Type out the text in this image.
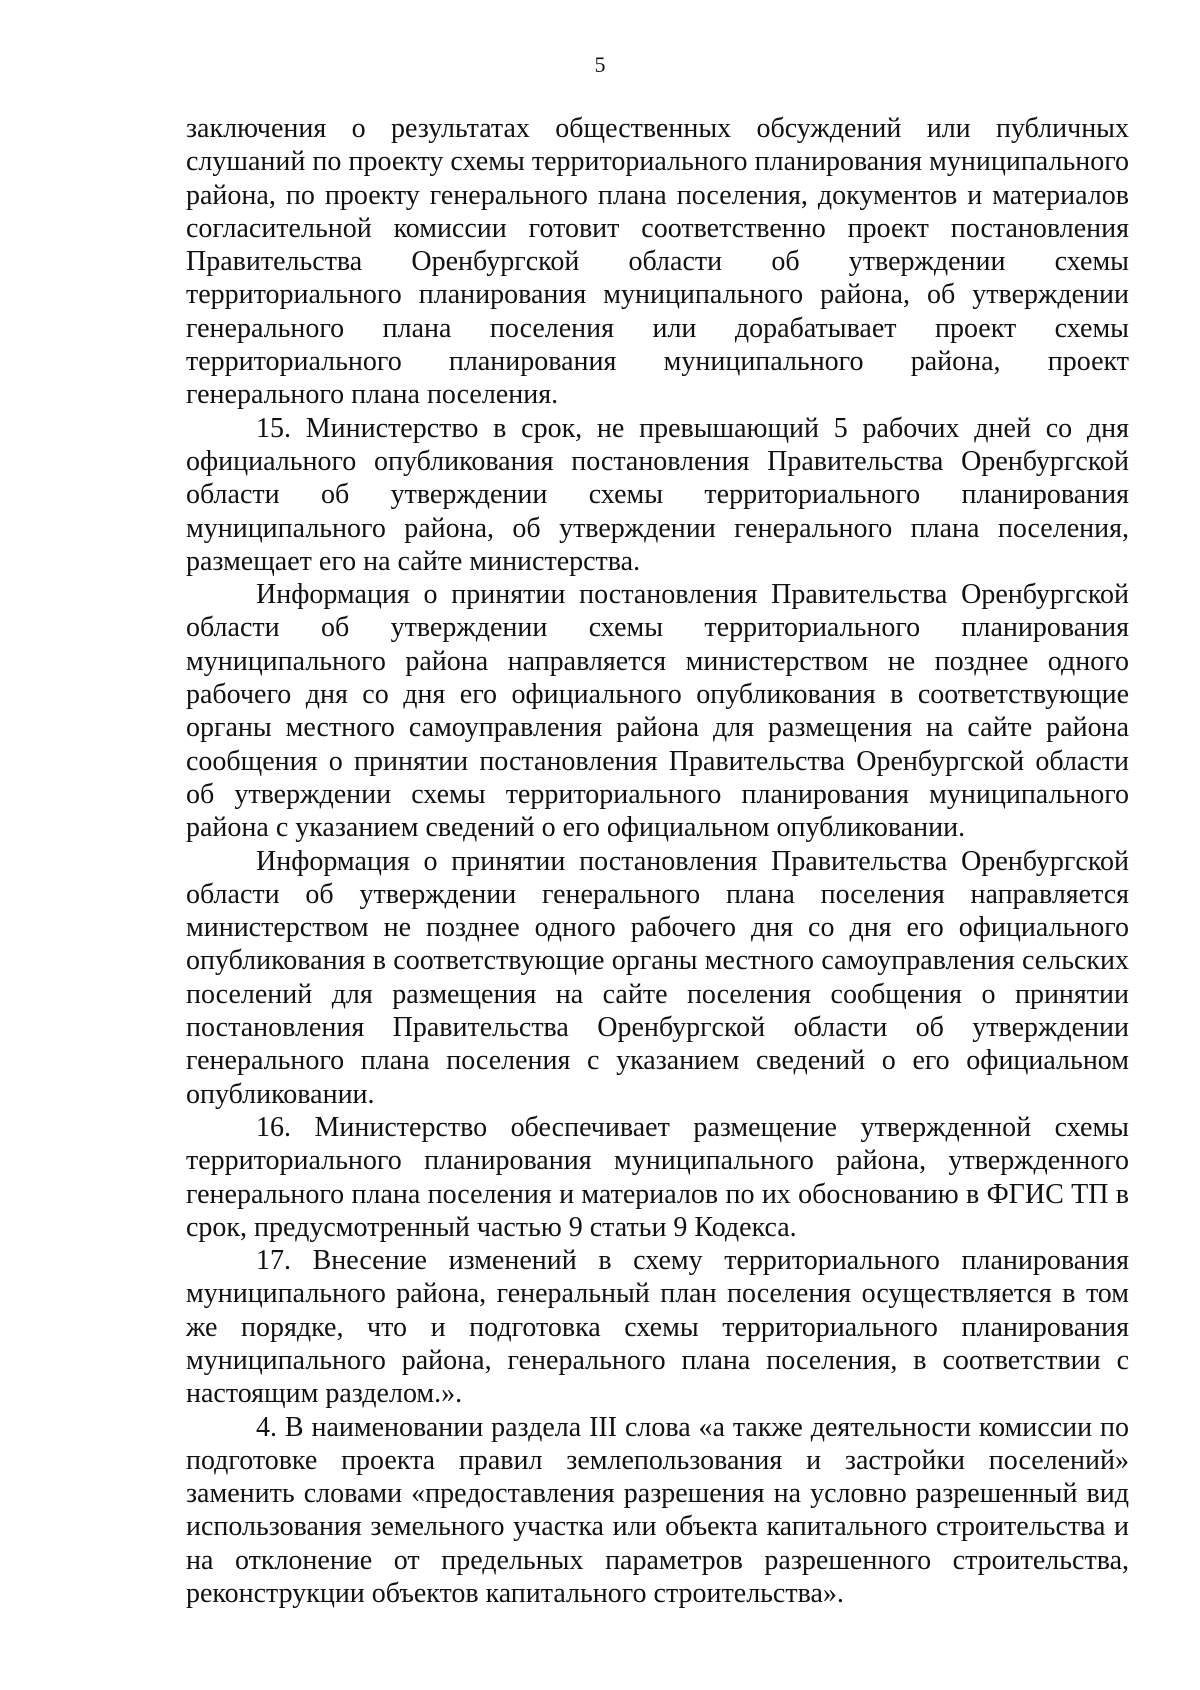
5

заключения о результатах общественных обсуждений или публичных слушаний по проекту схемы территориального планирования муниципального района, по проекту генерального плана поселения, документов и материалов согласительной комиссии готовит соответственно проект постановления Правительства Оренбургской области об утверждении схемы территориального планирования муниципального района, об утверждении генерального плана поселения или дорабатывает проект схемы территориального планирования муниципального района, проект генерального плана поселения.

15. Министерство в срок, не превышающий 5 рабочих дней со дня официального опубликования постановления Правительства Оренбургской области об утверждении схемы территориального планирования муниципального района, об утверждении генерального плана поселения, размещает его на сайте министерства.

Информация о принятии постановления Правительства Оренбургской области об утверждении схемы территориального планирования муниципального района направляется министерством не позднее одного рабочего дня со дня его официального опубликования в соответствующие органы местного самоуправления района для размещения на сайте района сообщения о принятии постановления Правительства Оренбургской области об утверждении схемы территориального планирования муниципального района с указанием сведений о его официальном опубликовании.

Информация о принятии постановления Правительства Оренбургской области об утверждении генерального плана поселения направляется министерством не позднее одного рабочего дня со дня его официального опубликования в соответствующие органы местного самоуправления сельских поселений для размещения на сайте поселения сообщения о принятии постановления Правительства Оренбургской области об утверждении генерального плана поселения с указанием сведений о его официальном опубликовании.

16. Министерство обеспечивает размещение утвержденной схемы территориального планирования муниципального района, утвержденного генерального плана поселения и материалов по их обоснованию в ФГИС ТП в срок, предусмотренный частью 9 статьи 9 Кодекса.

17. Внесение изменений в схему территориального планирования муниципального района, генеральный план поселения осуществляется в том же порядке, что и подготовка схемы территориального планирования муниципального района, генерального плана поселения, в соответствии с настоящим разделом.».

4. В наименовании раздела III слова «а также деятельности комиссии по подготовке проекта правил землепользования и застройки поселений» заменить словами «предоставления разрешения на условно разрешенный вид использования земельного участка или объекта капитального строительства и на отклонение от предельных параметров разрешенного строительства, реконструкции объектов капитального строительства».
